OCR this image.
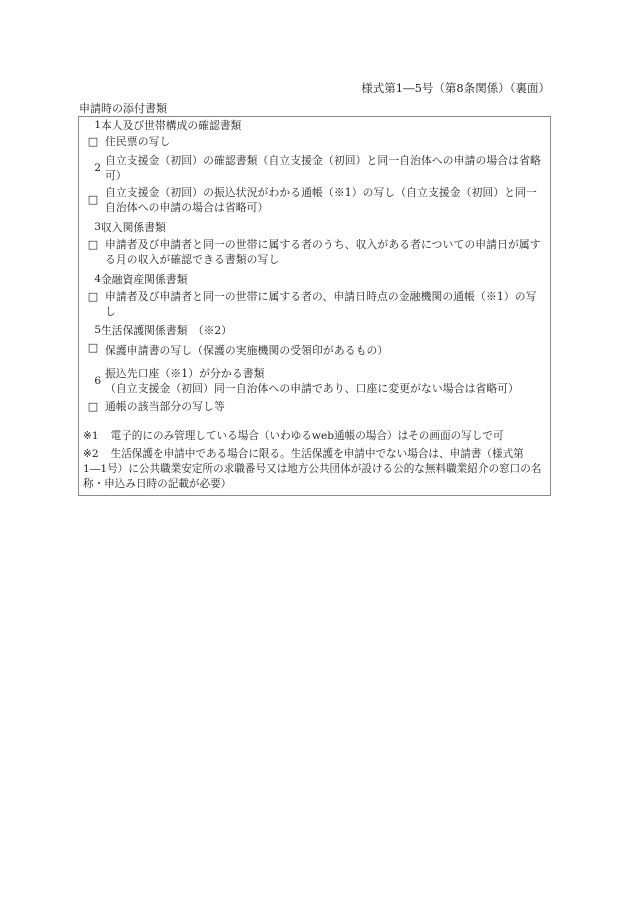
様式第1―5号（第8条関係）（裏面）
申請時の添付書類
1 本人及び世帯構成の確認書類
□ 住民票の写し
2
自立支援金（初回）の確認書類（自立支援金（初回）と同一自治体への申請の場合は省略可）
□
自立支援金（初回）の振込状況がわかる通帳（※1）の写し（自立支援金（初回）と同一自治体への申請の場合は省略可）
3 収入関係書類
□ 申請者及び申請者と同一の世帯に属する者のうち、収入がある者についての申請日が属する月の収入が確認できる書類の写し
4 金融資産関係書類
□ 申請者及び申請者と同一の世帯に属する者の、申請日時点の金融機関の通帳（※1）の写し
5 生活保護関係書類　（※2）
□ 保護申請書の写し（保護の実施機関の受領印があるもの）
6
振込先口座（※1）が分かる書類
（自立支援金（初回）同一自治体への申請であり、口座に変更がない場合は省略可）
□ 通帳の該当部分の写し等
※1 電子的にのみ管理している場合（いわゆるweb通帳の場合）はその画面の写しで可
※2 生活保護を申請中である場合に限る。生活保護を申請中でない場合は、申請書（様式第1―1号）に公共職業安定所の求職番号又は地方公共団体が設ける公的な無料職業紹介の窓口の名称・申込み日時の記載が必要）
